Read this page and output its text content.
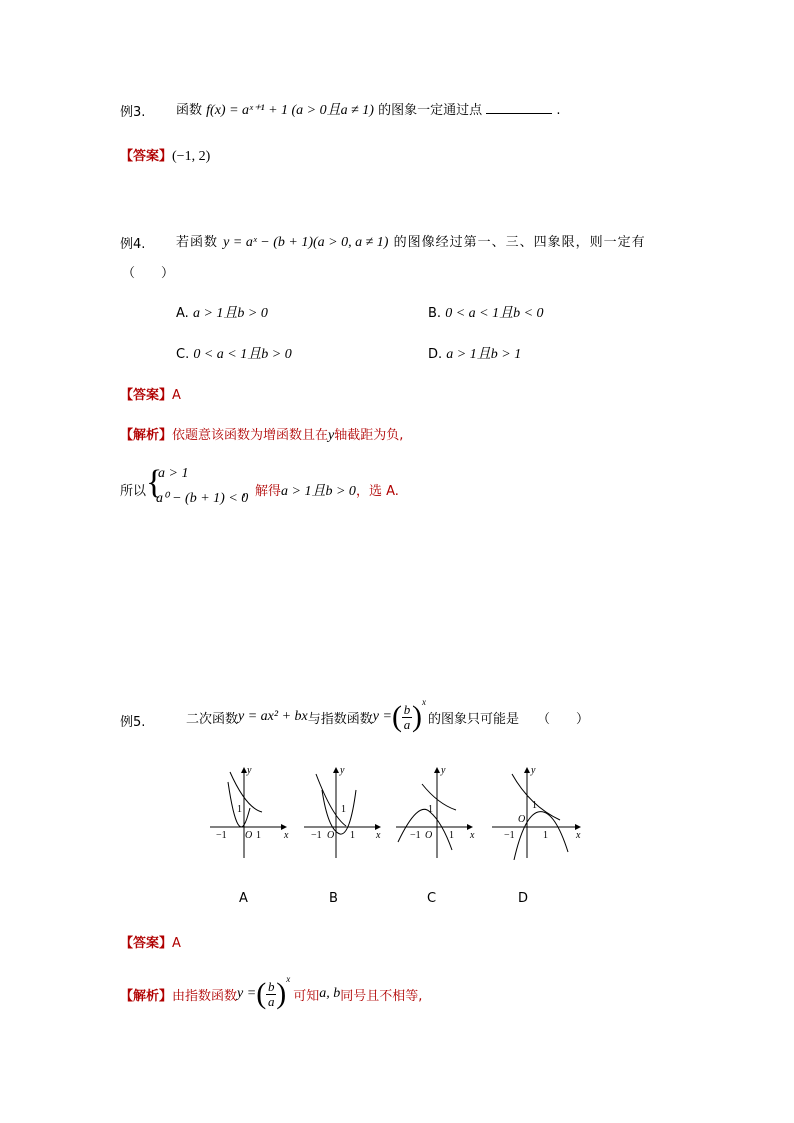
例3. 函数 f(x) = aˣ⁺¹ + 1 (a > 0且a ≠ 1) 的图象一定通过点	.
【答案】(−1, 2)
例4. 若函数 y = aˣ − (b + 1)(a > 0, a ≠ 1) 的图像经过第一、三、四象限，则一定有
（　　）
A. a > 1且b > 0	B. 0 < a < 1且b < 0
C. 0 < a < 1且b > 0	D. a > 1且b > 1
【答案】A
【解析】依题意该函数为增函数且在y轴截距为负,
所以 {
a > 1
a⁰ − (b + 1) < 0
，解得a > 1且b > 0，选 A.
例5.	二次函数 y = ax² + bx 与指数函数 y = ( $\frac{b}{a}$ ) x
的图象只可能是 （　　）
y
x
1
−1 O 1
y
x
1
−1 O 1
y
x
1
−1 O 1
y
x
1
−1
O
1
A	B	C	D
【答案】A
【解析】 由指数函数 y = ( $\frac{b}{a}$ ) x
可知 a, b 同号且不相等,
